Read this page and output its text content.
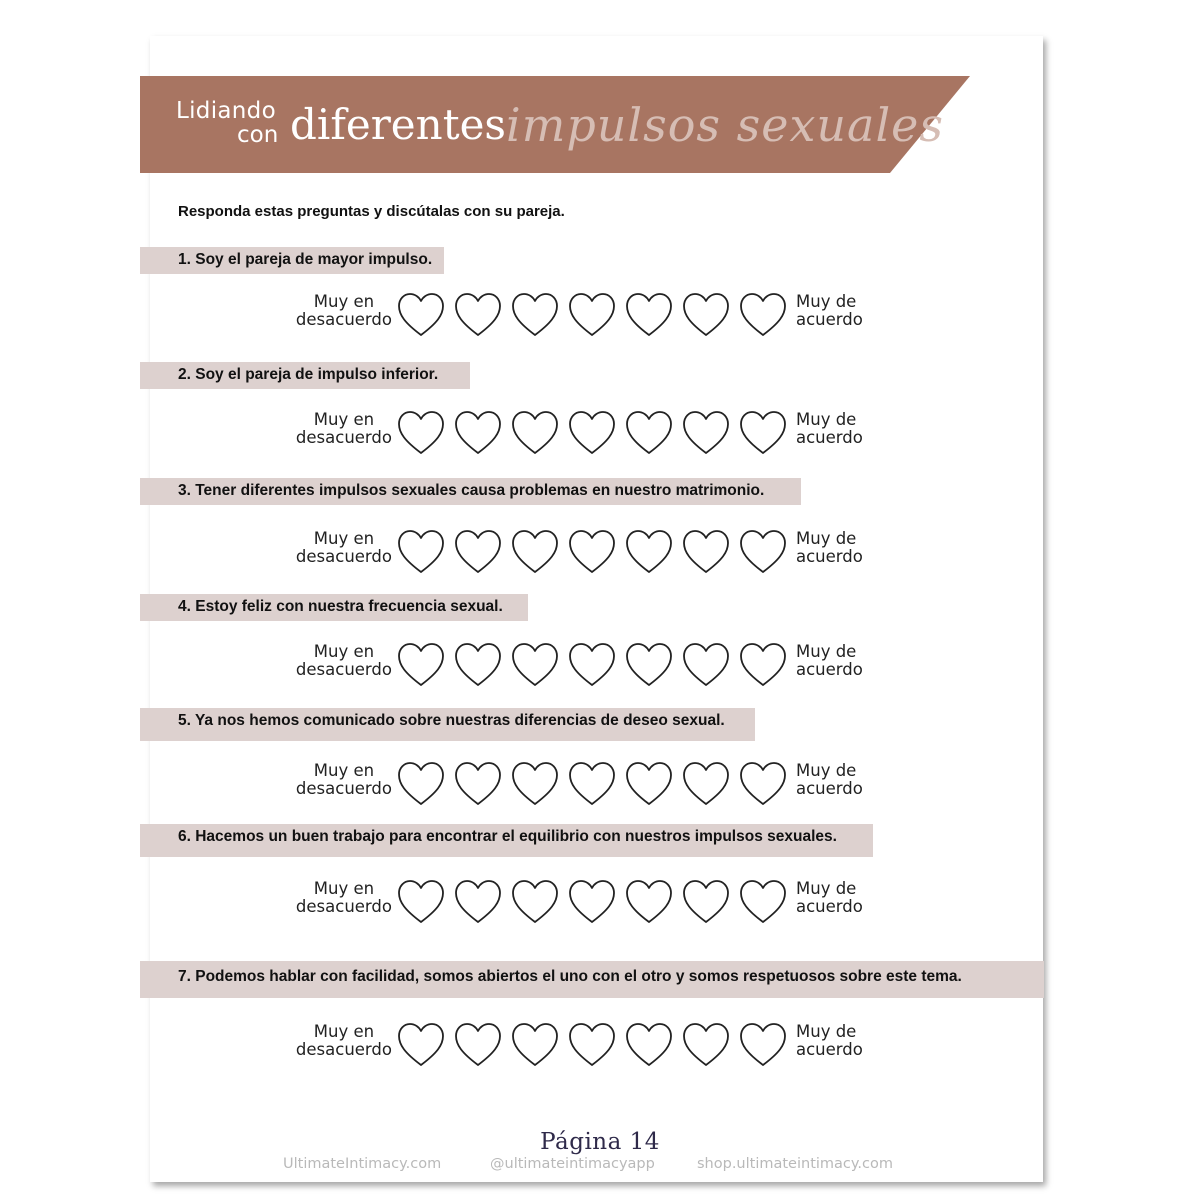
Lidiando
con diferentes impulsos sexuales
Responda estas preguntas y discútalas con su pareja.
1. Soy el pareja de mayor impulso.
Muy en
desacuerdo
Muy de
acuerdo
2. Soy el pareja de impulso inferior.
Muy en
desacuerdo
Muy de
acuerdo
3. Tener diferentes impulsos sexuales causa problemas en nuestro matrimonio.
Muy en
desacuerdo
Muy de
acuerdo
4. Estoy feliz con nuestra frecuencia sexual.
Muy en
desacuerdo
Muy de
acuerdo
5. Ya nos hemos comunicado sobre nuestras diferencias de deseo sexual.
Muy en
desacuerdo
Muy de
acuerdo
6. Hacemos un buen trabajo para encontrar el equilibrio con nuestros impulsos sexuales.
Muy en
desacuerdo
Muy de
acuerdo
7. Podemos hablar con facilidad, somos abiertos el uno con el otro y somos respetuosos sobre este tema.
Muy en
desacuerdo
Muy de
acuerdo
Página 14
UltimateIntimacy.com	@ultimateintimacyapp	shop.ultimateintimacy.com
